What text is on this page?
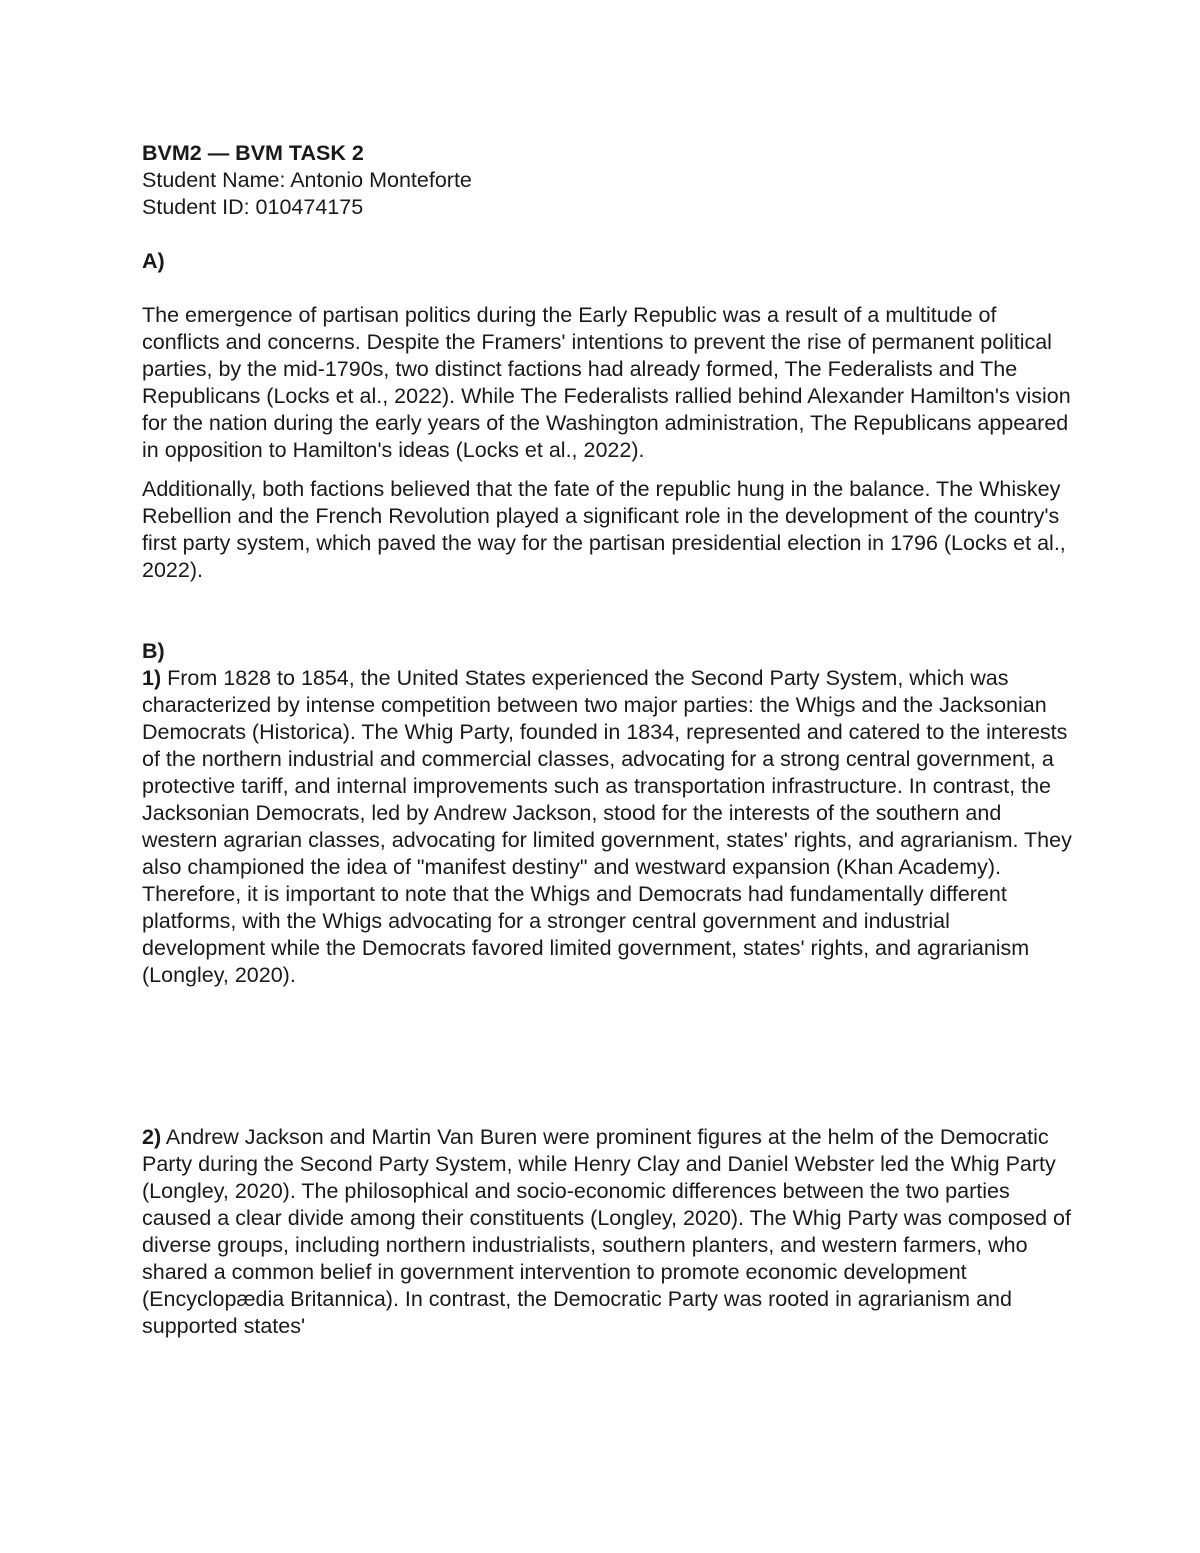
BVM2 — BVM TASK 2

Student Name: Antonio Monteforte

Student ID: 010474175

A)

The emergence of partisan politics during the Early Republic was a result of a multitude of conflicts and concerns. Despite the Framers' intentions to prevent the rise of permanent political parties, by the mid-1790s, two distinct factions had already formed, The Federalists and The Republicans (Locks et al., 2022). While The Federalists rallied behind Alexander Hamilton's vision for the nation during the early years of the Washington administration, The Republicans appeared in opposition to Hamilton's ideas (Locks et al., 2022).

Additionally, both factions believed that the fate of the republic hung in the balance. The Whiskey Rebellion and the French Revolution played a significant role in the development of the country's first party system, which paved the way for the partisan presidential election in 1796 (Locks et al., 2022).

B)

1) From 1828 to 1854, the United States experienced the Second Party System, which was characterized by intense competition between two major parties: the Whigs and the Jacksonian Democrats (Historica). The Whig Party, founded in 1834, represented and catered to the interests of the northern industrial and commercial classes, advocating for a strong central government, a protective tariff, and internal improvements such as transportation infrastructure. In contrast, the Jacksonian Democrats, led by Andrew Jackson, stood for the interests of the southern and western agrarian classes, advocating for limited government, states' rights, and agrarianism. They also championed the idea of "manifest destiny" and westward expansion (Khan Academy). Therefore, it is important to note that the Whigs and Democrats had fundamentally different platforms, with the Whigs advocating for a stronger central government and industrial development while the Democrats favored limited government, states' rights, and agrarianism (Longley, 2020).

2) Andrew Jackson and Martin Van Buren were prominent figures at the helm of the Democratic Party during the Second Party System, while Henry Clay and Daniel Webster led the Whig Party (Longley, 2020). The philosophical and socio-economic differences between the two parties caused a clear divide among their constituents (Longley, 2020). The Whig Party was composed of diverse groups, including northern industrialists, southern planters, and western farmers, who shared a common belief in government intervention to promote economic development (Encyclopædia Britannica). In contrast, the Democratic Party was rooted in agrarianism and supported states'
